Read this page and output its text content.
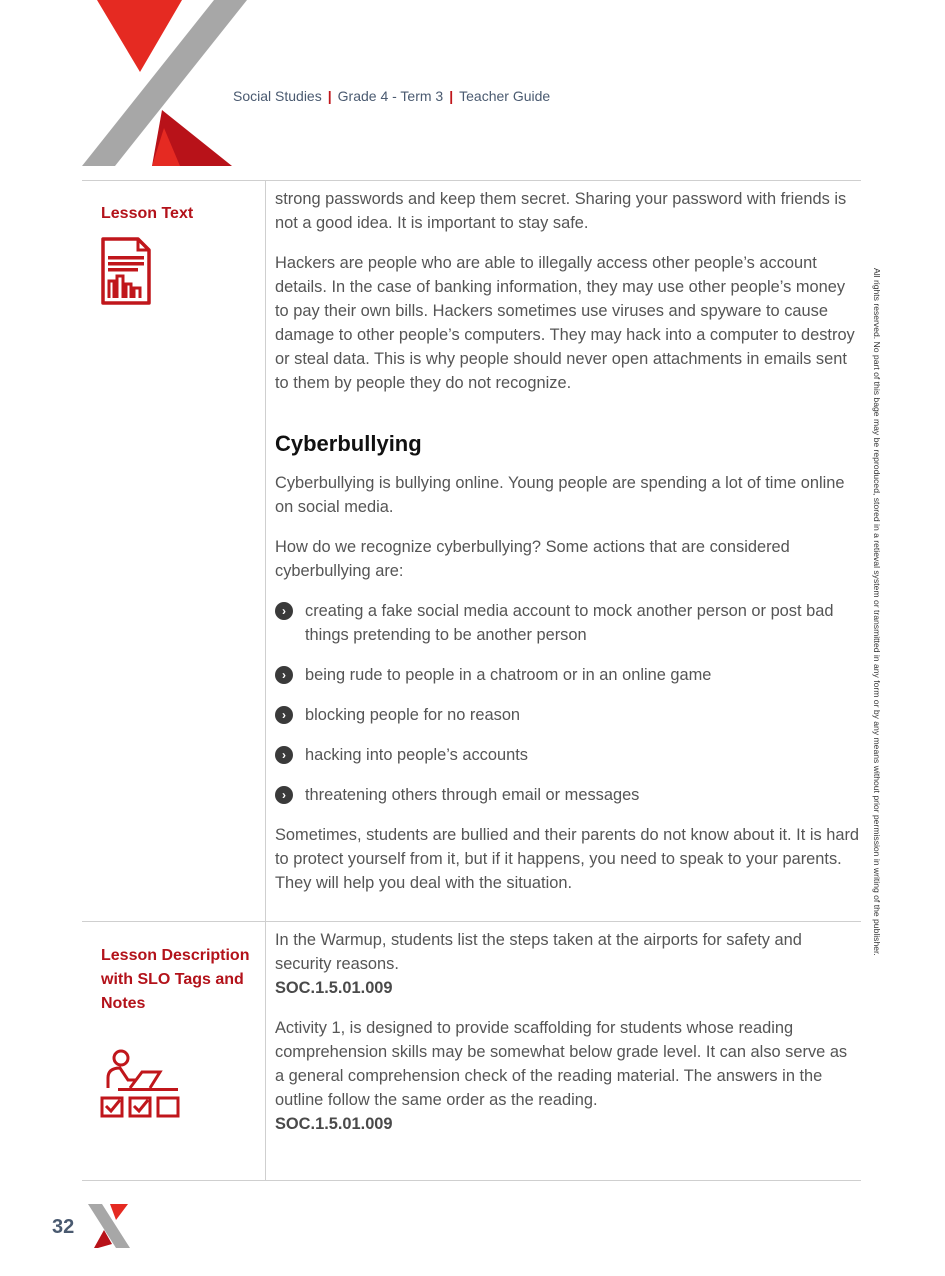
Social Studies | Grade 4 - Term 3 | Teacher Guide
Lesson Text

strong passwords and keep them secret. Sharing your password with friends is not a good idea. It is important to stay safe.

Hackers are people who are able to illegally access other people’s account details. In the case of banking information, they may use other people’s money to pay their own bills. Hackers sometimes use viruses and spyware to cause damage to other people’s computers. They may hack into a computer to destroy or steal data. This is why people should never open attachments in emails sent to them by people they do not recognize.

Cyberbullying

Cyberbullying is bullying online. Young people are spending a lot of time online on social media.

How do we recognize cyberbullying? Some actions that are considered cyberbullying are:

›	creating a fake social media account to mock another person or post bad things pretending to be another person
›	being rude to people in a chatroom or in an online game
›	blocking people for no reason
›	hacking into people’s accounts
›	threatening others through email or messages

Sometimes, students are bullied and their parents do not know about it. It is hard to protect yourself from it, but if it happens, you need to speak to your parents. They will help you deal with the situation.

Lesson Description with SLO Tags and Notes

In the Warmup, students list the steps taken at the airports for safety and security reasons.
SOC.1.5.01.009

Activity 1, is designed to provide scaffolding for students whose reading comprehension skills may be somewhat below grade level. It can also serve as a general comprehension check of the reading material. The answers in the outline follow the same order as the reading.
SOC.1.5.01.009

All rights reserved. No part of this bage may be reproduced, stored in a retieval system or transmitted in any form or by any means without prior permission in writing of the publisher.
32
